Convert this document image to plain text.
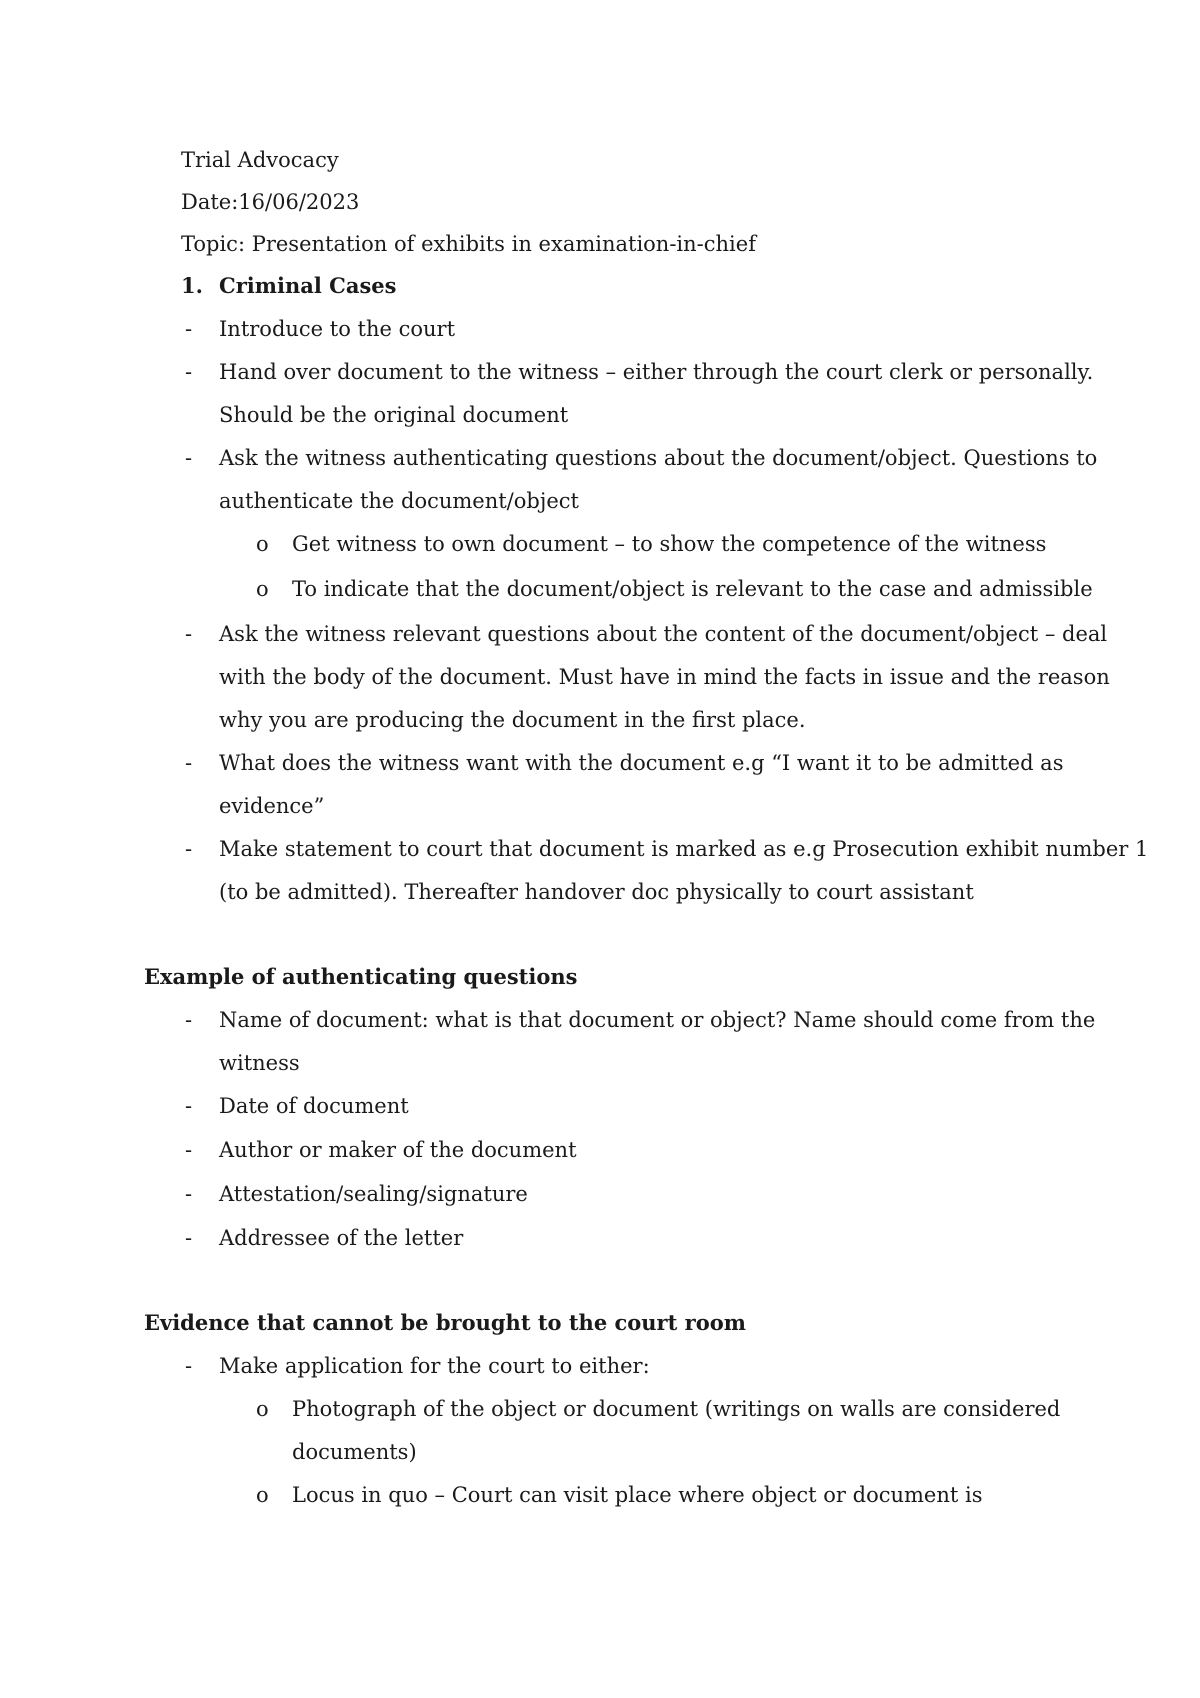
Trial Advocacy
Date:16/06/2023
Topic: Presentation of exhibits in examination-in-chief
1. Criminal Cases
- Introduce to the court
- Hand over document to the witness – either through the court clerk or personally.
Should be the original document
- Ask the witness authenticating questions about the document/object. Questions to
authenticate the document/object
o Get witness to own document – to show the competence of the witness
o To indicate that the document/object is relevant to the case and admissible
- Ask the witness relevant questions about the content of the document/object – deal
with the body of the document. Must have in mind the facts in issue and the reason
why you are producing the document in the first place.
- What does the witness want with the document e.g “I want it to be admitted as
evidence”
- Make statement to court that document is marked as e.g Prosecution exhibit number 1
(to be admitted). Thereafter handover doc physically to court assistant
Example of authenticating questions
- Name of document: what is that document or object? Name should come from the
witness
- Date of document
- Author or maker of the document
- Attestation/sealing/signature
- Addressee of the letter
Evidence that cannot be brought to the court room
- Make application for the court to either:
o Photograph of the object or document (writings on walls are considered
documents)
o Locus in quo – Court can visit place where object or document is
